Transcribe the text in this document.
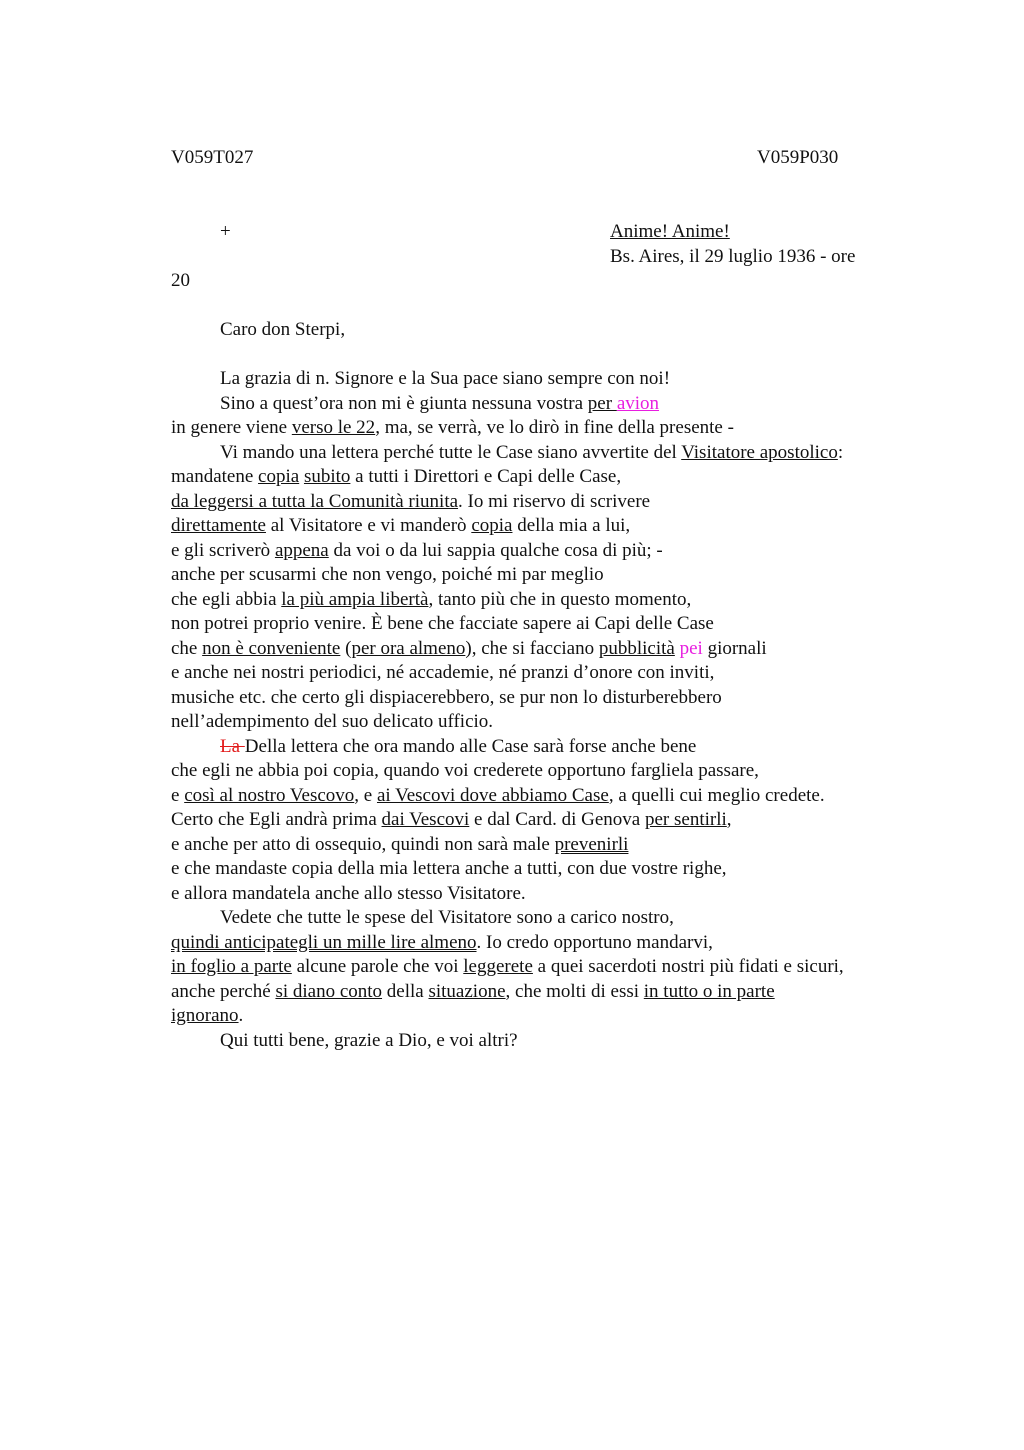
V059T027	V059P030
+	Anime! Anime!
Bs. Aires, il 29 luglio 1936 - ore
20
Caro don Sterpi,
La grazia di n. Signore e la Sua pace siano sempre con noi!
Sino a quest’ora non mi è giunta nessuna vostra per avion
in genere viene verso le 22, ma, se verrà, ve lo dirò in fine della presente -
Vi mando una lettera perché tutte le Case siano avvertite del Visitatore apostolico:
mandatene copia subito a tutti i Direttori e Capi delle Case,
da leggersi a tutta la Comunità riunita. Io mi riservo di scrivere
direttamente al Visitatore e vi manderò copia della mia a lui,
e gli scriverò appena da voi o da lui sappia qualche cosa di più; -
anche per scusarmi che non vengo, poiché mi par meglio
che egli abbia la più ampia libertà, tanto più che in questo momento,
non potrei proprio venire. È bene che facciate sapere ai Capi delle Case
che non è conveniente (per ora almeno), che si facciano pubblicità pei giornali
e anche nei nostri periodici, né accademie, né pranzi d’onore con inviti,
musiche etc. che certo gli dispiacerebbero, se pur non lo disturberebbero
nell’adempimento del suo delicato ufficio.
La Della lettera che ora mando alle Case sarà forse anche bene
che egli ne abbia poi copia, quando voi crederete opportuno fargliela passare,
e così al nostro Vescovo, e ai Vescovi dove abbiamo Case, a quelli cui meglio credete.
Certo che Egli andrà prima dai Vescovi e dal Card. di Genova per sentirli,
e anche per atto di ossequio, quindi non sarà male prevenirli
e che mandaste copia della mia lettera anche a tutti, con due vostre righe,
e allora mandatela anche allo stesso Visitatore.
Vedete che tutte le spese del Visitatore sono a carico nostro,
quindi anticipategli un mille lire almeno. Io credo opportuno mandarvi,
in foglio a parte alcune parole che voi leggerete a quei sacerdoti nostri più fidati e sicuri,
anche perché si diano conto della situazione, che molti di essi in tutto o in parte
ignorano.
Qui tutti bene, grazie a Dio, e voi altri?
